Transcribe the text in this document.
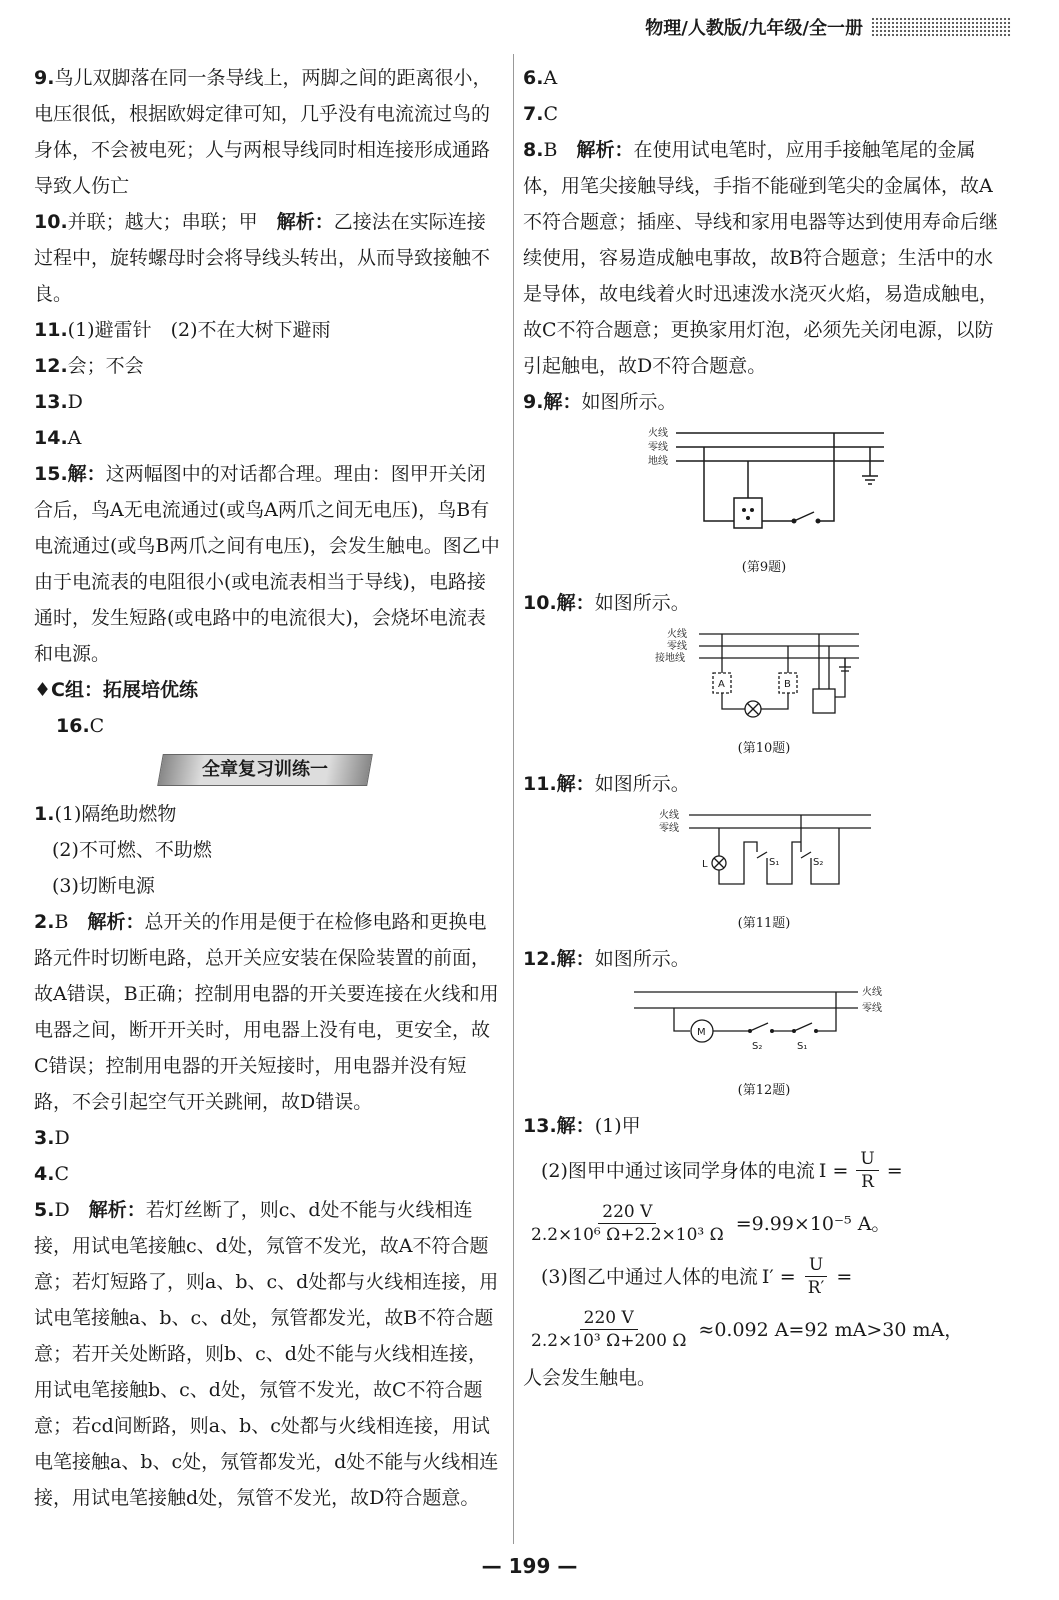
物理/人教版/九年级/全一册

9.鸟儿双脚落在同一条导线上，两脚之间的距离很小，电压很低，根据欧姆定律可知，几乎没有电流流过鸟的身体，不会被电死；人与两根导线同时相连接形成通路导致人伤亡

10.并联；越大；串联；甲　 解析：乙接法在实际连接过程中，旋转螺母时会将导线头转出，从而导致接触不良。

11.(1)避雷针　(2)不在大树下避雨

12.会；不会

13.D

14.A

15.解：这两幅图中的对话都合理。理由：图甲开关闭合后，鸟A无电流通过(或鸟A两爪之间无电压)，鸟B有电流通过(或鸟B两爪之间有电压)，会发生触电。图乙中由于电流表的电阻很小(或电流表相当于导线)，电路接通时，发生短路(或电路中的电流很大)，会烧坏电流表和电源。

♦C组：拓展培优练

16.C

全章复习训练一

1.(1)隔绝助燃物

(2)不可燃、不助燃

(3)切断电源

2.B　 解析：总开关的作用是便于在检修电路和更换电路元件时切断电路，总开关应安装在保险装置的前面，故A错误，B正确；控制用电器的开关要连接在火线和用电器之间，断开开关时，用电器上没有电，更安全，故C错误；控制用电器的开关短接时，用电器并没有短路，不会引起空气开关跳闸，故D错误。

3.D

4.C

5.D　 解析：若灯丝断了，则c、d处不能与火线相连接，用试电笔接触c、d处，氖管不发光，故A不符合题意；若灯短路了，则a、b、c、d处都与火线相连接，用试电笔接触a、b、c、d处，氖管都发光，故B不符合题意；若开关处断路，则b、c、d处不能与火线相连接，用试电笔接触b、c、d处，氖管不发光，故C不符合题意；若cd间断路，则a、b、c处都与火线相连接，用试电笔接触a、b、c处，氖管都发光，d处不能与火线相连接，用试电笔接触d处，氖管不发光，故D符合题意。

6.A

7.C

8.B　 解析：在使用试电笔时，应用手接触笔尾的金属体，用笔尖接触导线，手指不能碰到笔尖的金属体，故A不符合题意；插座、导线和家用电器等达到使用寿命后继续使用，容易造成触电事故，故B符合题意；生活中的水是导体，故电线着火时迅速泼水浇灭火焰，易造成触电，故C不符合题意；更换家用灯泡，必须先关闭电源，以防引起触电，故D不符合题意。

9.解：如图所示。

火线
零线
地线

(第9题)

10.解：如图所示。

火线
零线
接地线
A	B

(第10题)

11.解：如图所示。

火线
零线
L	S₁	S₂

(第11题)

12.解：如图所示。

火线
零线
M
S₂	S₁

(第12题)

13.解：(1)甲

(2)图甲中通过该同学身体的电流 $I = \frac{U}{R}$ =
$\frac{220 V}{\text{2.2×10⁶ Ω+2.2×10³ Ω}} =9.99\times 10^{-5}$ A。
(3)图乙中通过人体的电流 $I' = \frac{U}{R'}$ =
$\frac{220 V}{\text{2.2×10³ Ω+200 Ω}} \approx 0.092$ A=92 mA>30 mA，

人会发生触电。

— 199 —
